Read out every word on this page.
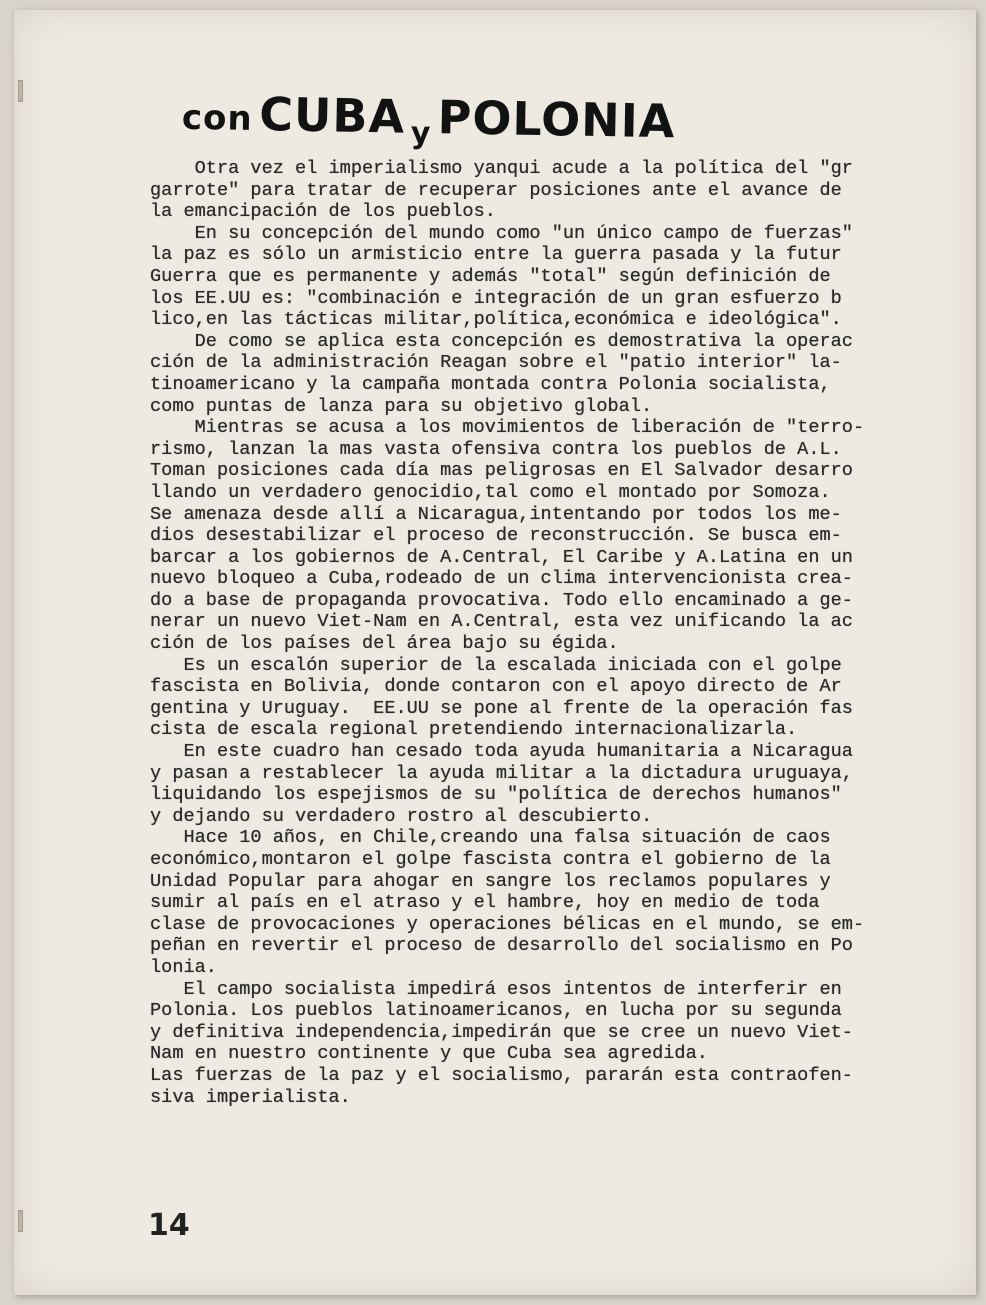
con CUBA y POLONIA
Otra vez el imperialismo yanqui acude a la política del "gr
garrote" para tratar de recuperar posiciones ante el avance de
la emancipación de los pueblos.
En su concepción del mundo como "un único campo de fuerzas"
la paz es sólo un armisticio entre la guerra pasada y la futur
Guerra que es permanente y además "total" según definición de
los EE.UU es: "combinación e integración de un gran esfuerzo b
lico,en las tácticas militar,política,económica e ideológica".
De como se aplica esta concepción es demostrativa la operac
ción de la administración Reagan sobre el "patio interior" la-
tinoamericano y la campaña montada contra Polonia socialista,
como puntas de lanza para su objetivo global.
Mientras se acusa a los movimientos de liberación de "terro-
rismo, lanzan la mas vasta ofensiva contra los pueblos de A.L.
Toman posiciones cada día mas peligrosas en El Salvador desarro
llando un verdadero genocidio,tal como el montado por Somoza.
Se amenaza desde allí a Nicaragua,intentando por todos los me-
dios desestabilizar el proceso de reconstrucción. Se busca em-
barcar a los gobiernos de A.Central, El Caribe y A.Latina en un
nuevo bloqueo a Cuba,rodeado de un clima intervencionista crea-
do a base de propaganda provocativa. Todo ello encaminado a ge-
nerar un nuevo Viet-Nam en A.Central, esta vez unificando la ac
ción de los países del área bajo su égida.
Es un escalón superior de la escalada iniciada con el golpe
fascista en Bolivia, donde contaron con el apoyo directo de Ar
gentina y Uruguay.  EE.UU se pone al frente de la operación fas
cista de escala regional pretendiendo internacionalizarla.
En este cuadro han cesado toda ayuda humanitaria a Nicaragua
y pasan a restablecer la ayuda militar a la dictadura uruguaya,
liquidando los espejismos de su "política de derechos humanos"
y dejando su verdadero rostro al descubierto.
Hace 10 años, en Chile,creando una falsa situación de caos
económico,montaron el golpe fascista contra el gobierno de la
Unidad Popular para ahogar en sangre los reclamos populares y
sumir al país en el atraso y el hambre, hoy en medio de toda
clase de provocaciones y operaciones bélicas en el mundo, se em-
peñan en revertir el proceso de desarrollo del socialismo en Po
lonia.
El campo socialista impedirá esos intentos de interferir en
Polonia. Los pueblos latinoamericanos, en lucha por su segunda
y definitiva independencia,impedirán que se cree un nuevo Viet-
Nam en nuestro continente y que Cuba sea agredida.
Las fuerzas de la paz y el socialismo, pararán esta contraofen-
siva imperialista.
14
